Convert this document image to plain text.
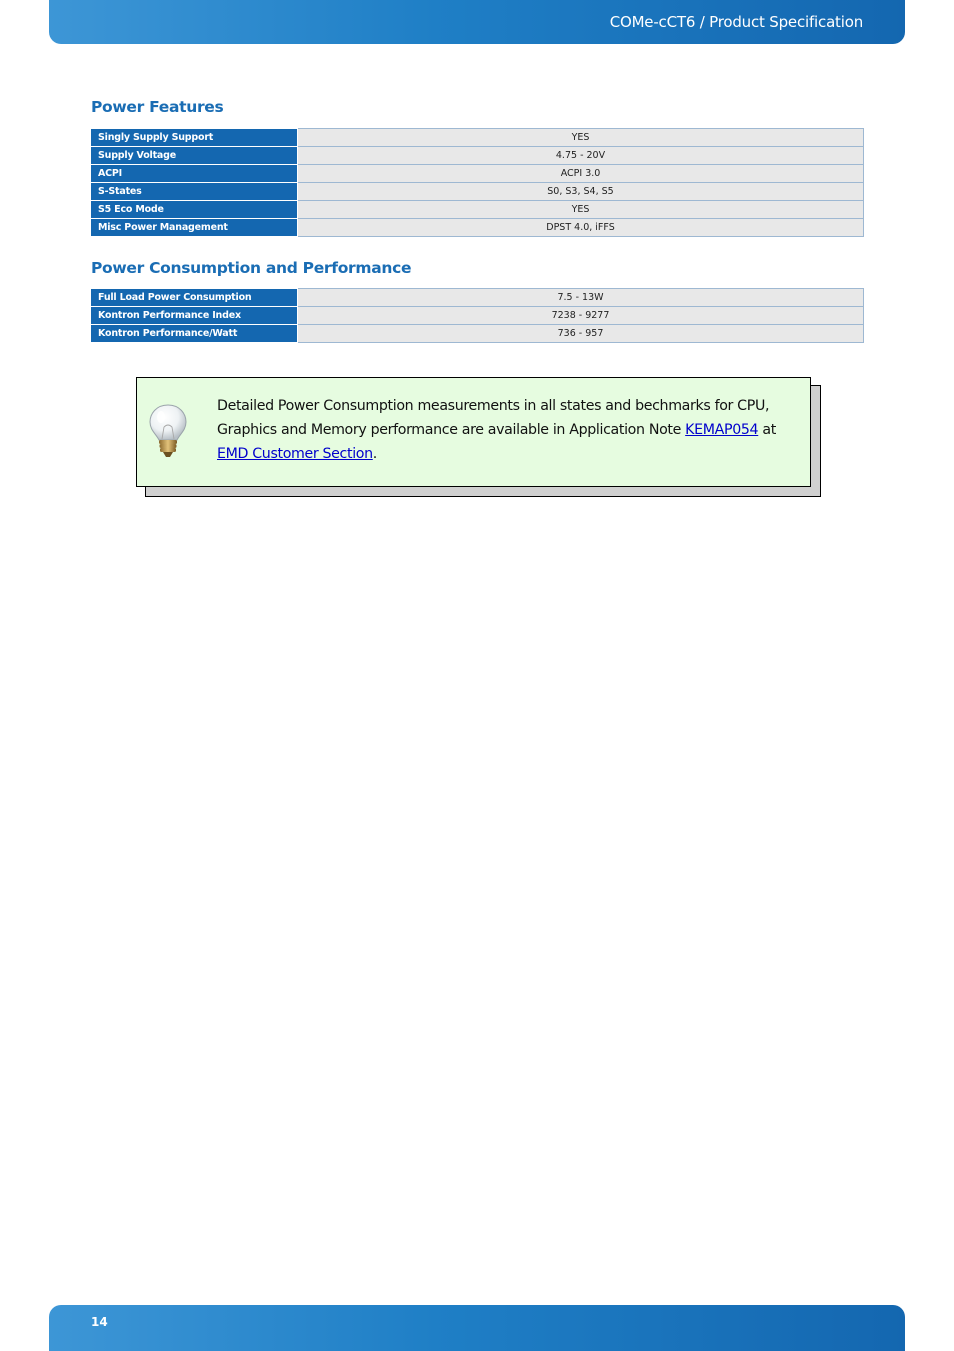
COMe-cCT6 / Product Specification
Power Features
Singly Supply Support	YES
Supply Voltage	4.75 - 20V
ACPI	ACPI 3.0
S-States	S0, S3, S4, S5
S5 Eco Mode	YES
Misc Power Management	DPST 4.0, iFFS
Power Consumption and Performance
Full Load Power Consumption	7.5 - 13W
Kontron Performance Index	7238 - 9277
Kontron Performance/Watt	736 - 957
Detailed Power Consumption measurements in all states and bechmarks for CPU, Graphics and Memory performance are available in Application Note KEMAP054 at EMD Customer Section.
14
